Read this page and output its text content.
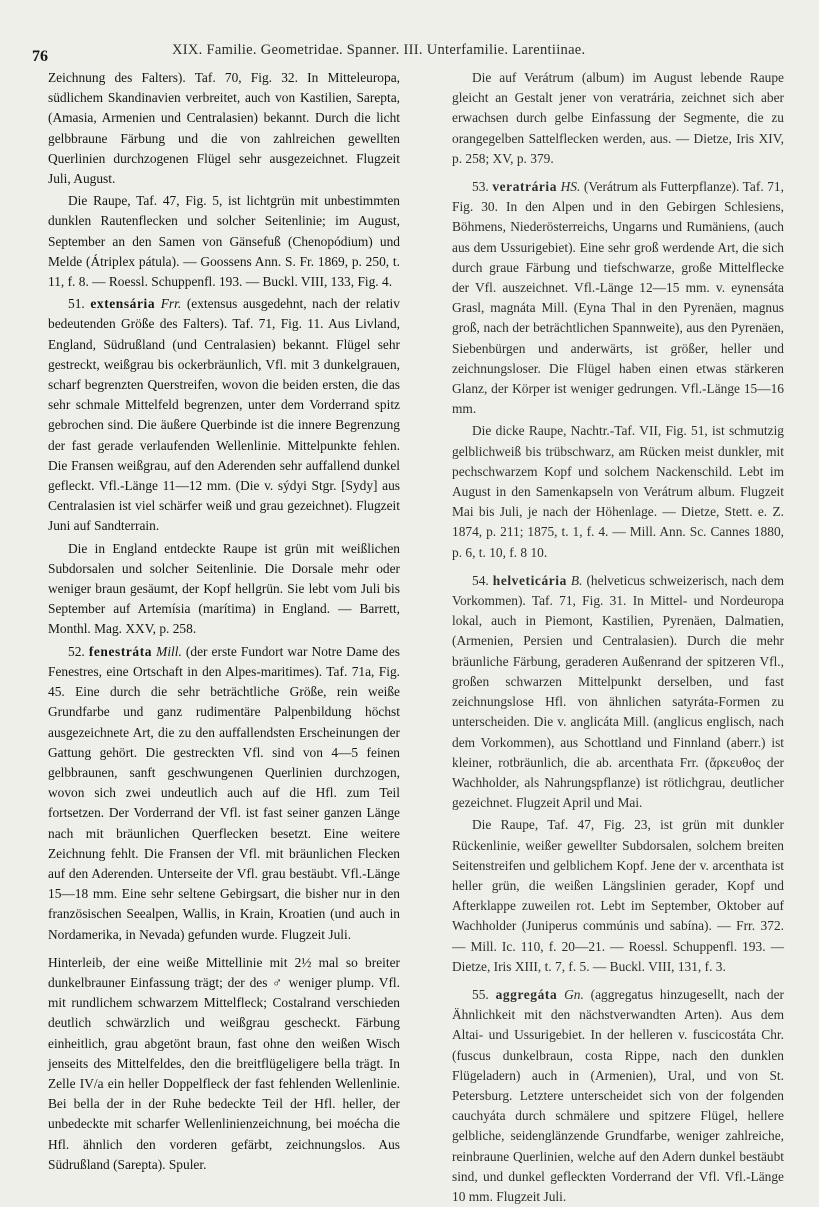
76	XIX. Familie. Geometridae. Spanner. III. Unterfamilie. Larentiinae.

Zeichnung des Falters). Taf. 70, Fig. 32. In Mitteleuropa, südlichem Skandinavien verbreitet, auch von Kastilien, Sarepta, (Amasia, Armenien und Centralasien) bekannt. Durch die licht gelbbraune Färbung und die von zahlreichen gewellten Querlinien durchzogenen Flügel sehr ausgezeichnet. Flugzeit Juli, August.

Die Raupe, Taf. 47, Fig. 5, ist lichtgrün mit unbestimmten dunklen Rautenflecken und solcher Seitenlinie; im August, September an den Samen von Gänsefuß (Chenopódium) und Melde (Átriplex pátula). — Goossens Ann. S. Fr. 1869, p. 250, t. 11, f. 8. — Roessl. Schuppenfl. 193. — Buckl. VIII, 133, Fig. 4.

51. extensária Frr. (extensus ausgedehnt, nach der relativ bedeutenden Größe des Falters). Taf. 71, Fig. 11. Aus Livland, England, Südrußland (und Centralasien) bekannt. Flügel sehr gestreckt, weißgrau bis ockerbräunlich, Vfl. mit 3 dunkelgrauen, scharf begrenzten Querstreifen, wovon die beiden ersten, die das sehr schmale Mittelfeld begrenzen, unter dem Vorderrand spitz gebrochen sind. Die äußere Querbinde ist die innere Begrenzung der fast gerade verlaufenden Wellenlinie. Mittelpunkte fehlen. Die Fransen weißgrau, auf den Aderenden sehr auffallend dunkel gefleckt. Vfl.-Länge 11—12 mm. (Die v. sýdyi Stgr. [Sydy] aus Centralasien ist viel schärfer weiß und grau gezeichnet). Flugzeit Juni auf Sandterrain.

Die in England entdeckte Raupe ist grün mit weißlichen Subdorsalen und solcher Seitenlinie. Die Dorsale mehr oder weniger braun gesäumt, der Kopf hellgrün. Sie lebt vom Juli bis September auf Artemísia (marítima) in England. — Barrett, Monthl. Mag. XXV, p. 258.

52. fenestráta Mill. (der erste Fundort war Notre Dame des Fenestres, eine Ortschaft in den Alpes-maritimes). Taf. 71a, Fig. 45. Eine durch die sehr beträchtliche Größe, rein weiße Grundfarbe und ganz rudimentäre Palpenbildung höchst ausgezeichnete Art, die zu den auffallendsten Erscheinungen der Gattung gehört. Die gestreckten Vfl. sind von 4—5 feinen gelbbraunen, sanft geschwungenen Querlinien durchzogen, wovon sich zwei undeutlich auch auf die Hfl. zum Teil fortsetzen. Der Vorderrand der Vfl. ist fast seiner ganzen Länge nach mit bräunlichen Querflecken besetzt. Eine weitere Zeichnung fehlt. Die Fransen der Vfl. mit bräunlichen Flecken auf den Aderenden. Unterseite der Vfl. grau bestäubt. Vfl.-Länge 15—18 mm. Eine sehr seltene Gebirgsart, die bisher nur in den französischen Seealpen, Wallis, in Krain, Kroatien (und auch in Nordamerika, in Nevada) gefunden wurde. Flugzeit Juli.

Hinterleib, der eine weiße Mittellinie mit 2½ mal so breiter dunkelbrauner Einfassung trägt; der des ♂ weniger plump. Vfl. mit rundlichem schwarzem Mittelfleck; Costalrand verschieden deutlich schwärzlich und weißgrau gescheckt. Färbung einheitlich, grau abgetönt braun, fast ohne den weißen Wisch jenseits des Mittelfeldes, den die breitflügeligere bella trägt. In Zelle IV/a ein heller Doppelfleck der fast fehlenden Wellenlinie. Bei bella der in der Ruhe bedeckte Teil der Hfl. heller, der unbedeckte mit scharfer Wellenlinienzeichnung, bei moécha die Hfl. ähnlich den vorderen gefärbt, zeichnungslos. Aus Südrußland (Sarepta). Spuler.

Die auf Verátrum (album) im August lebende Raupe gleicht an Gestalt jener von veratrária, zeichnet sich aber erwachsen durch gelbe Einfassung der Segmente, die zu orangegelben Sattelflecken werden, aus. — Dietze, Iris XIV, p. 258; XV, p. 379.

53. veratrária HS. (Verátrum als Futterpflanze). Taf. 71, Fig. 30. In den Alpen und in den Gebirgen Schlesiens, Böhmens, Niederösterreichs, Ungarns und Rumäniens, (auch aus dem Ussurigebiet). Eine sehr groß werdende Art, die sich durch graue Färbung und tiefschwarze, große Mittelflecke der Vfl. auszeichnet. Vfl.-Länge 12—15 mm. v. eynensáta Grasl, magnáta Mill. (Eyna Thal in den Pyrenäen, magnus groß, nach der beträchtlichen Spannweite), aus den Pyrenäen, Siebenbürgen und anderwärts, ist größer, heller und zeichnungsloser. Die Flügel haben einen etwas stärkeren Glanz, der Körper ist weniger gedrungen. Vfl.-Länge 15—16 mm.

Die dicke Raupe, Nachtr.-Taf. VII, Fig. 51, ist schmutzig gelblichweiß bis trübschwarz, am Rücken meist dunkler, mit pechschwarzem Kopf und solchem Nackenschild. Lebt im August in den Samenkapseln von Verátrum album. Flugzeit Mai bis Juli, je nach der Höhenlage. — Dietze, Stett. e. Z. 1874, p. 211; 1875, t. 1, f. 4. — Mill. Ann. Sc. Cannes 1880, p. 6, t. 10, f. 8 10.

54. helveticária B. (helveticus schweizerisch, nach dem Vorkommen). Taf. 71, Fig. 31. In Mittel- und Nordeuropa lokal, auch in Piemont, Kastilien, Pyrenäen, Dalmatien, (Armenien, Persien und Centralasien). Durch die mehr bräunliche Färbung, geraderen Außenrand der spitzeren Vfl., großen schwarzen Mittelpunkt derselben, und fast zeichnungslose Hfl. von ähnlichen satyráta-Formen zu unterscheiden. Die v. anglicáta Mill. (anglicus englisch, nach dem Vorkommen), aus Schottland und Finnland (aberr.) ist kleiner, rotbräunlich, die ab. arcenthata Frr. (ἄρκευθος der Wachholder, als Nahrungspflanze) ist rötlichgrau, deutlicher gezeichnet. Flugzeit April und Mai.

Die Raupe, Taf. 47, Fig. 23, ist grün mit dunkler Rückenlinie, weißer gewellter Subdorsalen, solchem breiten Seitenstreifen und gelblichem Kopf. Jene der v. arcenthata ist heller grün, die weißen Längslinien gerader, Kopf und Afterklappe zuweilen rot. Lebt im September, Oktober auf Wachholder (Juniperus commúnis und sabína). — Frr. 372. — Mill. Ic. 110, f. 20—21. — Roessl. Schuppenfl. 193. — Dietze, Iris XIII, t. 7, f. 5. — Buckl. VIII, 131, f. 3.

55. aggregáta Gn. (aggregatus hinzugesellt, nach der Ähnlichkeit mit den nächstverwandten Arten). Aus dem Altai- und Ussurigebiet. In der helleren v. fuscicostáta Chr. (fuscus dunkelbraun, costa Rippe, nach den dunklen Flügeladern) auch in (Armenien), Ural, und von St. Petersburg. Letztere unterscheidet sich von der folgenden cauchyáta durch schmälere und spitzere Flügel, hellere gelbliche, seidenglänzende Grundfarbe, weniger zahlreiche, reinbraune Querlinien, welche auf den Adern dunkel bestäubt sind, und dunkel gefleckten Vorderrand der Vfl. Vfl.-Länge 10 mm. Flugzeit Juli.
